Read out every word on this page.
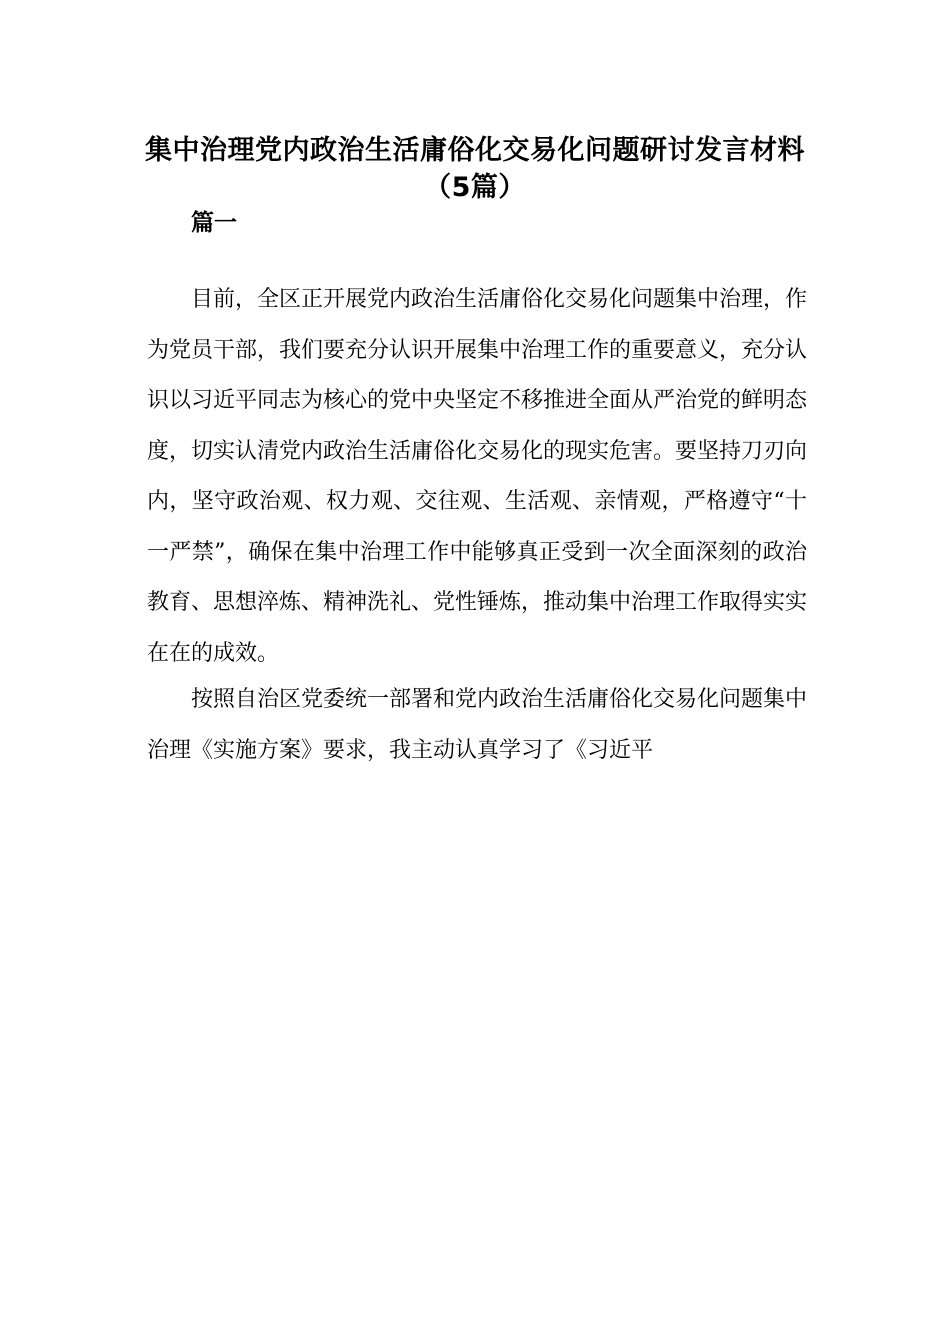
集中治理党内政治生活庸俗化交易化问题研讨发言材料
（5篇）
篇一

目前，全区正开展党内政治生活庸俗化交易化问题集中治理，作为党员干部，我们要充分认识开展集中治理工作的重要意义，充分认识以习近平同志为核心的党中央坚定不移推进全面从严治党的鲜明态度，切实认清党内政治生活庸俗化交易化的现实危害。要坚持刀刃向内，坚守政治观、权力观、交往观、生活观、亲情观，严格遵守“十一严禁”，确保在集中治理工作中能够真正受到一次全面深刻的政治教育、思想淬炼、精神洗礼、党性锤炼，推动集中治理工作取得实实在在的成效。

按照自治区党委统一部署和党内政治生活庸俗化交易化问题集中治理《实施方案》要求，我主动认真学习了《习近平
